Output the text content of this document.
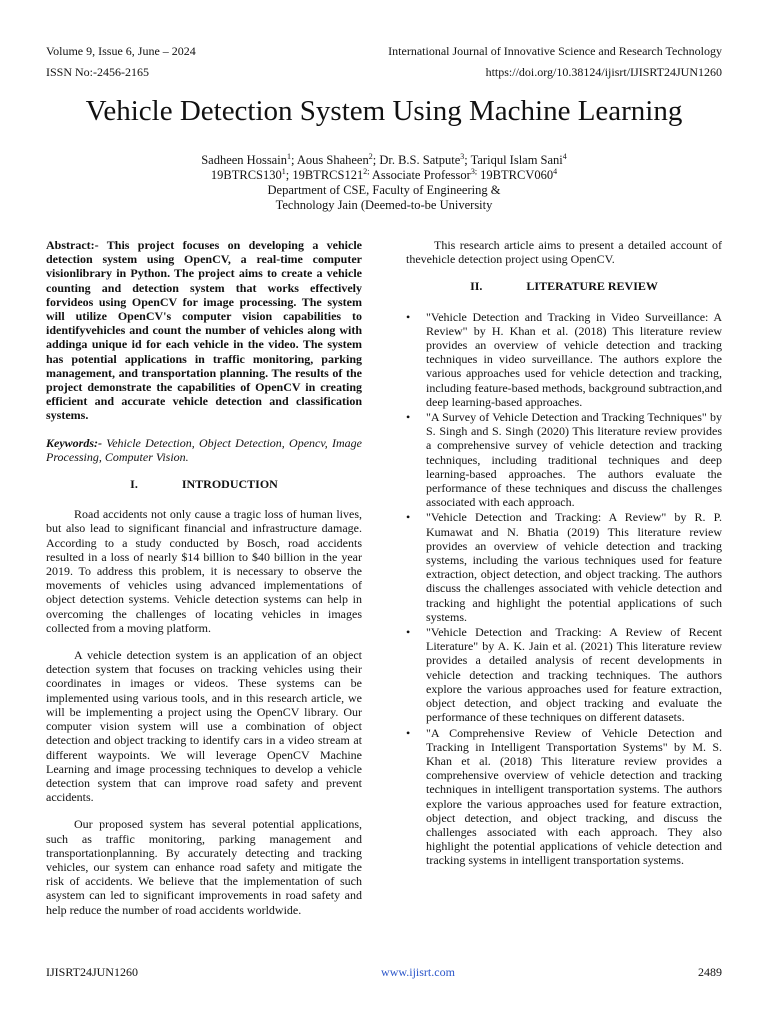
Volume 9, Issue 6, June – 2024	International Journal of Innovative Science and Research Technology
ISSN No:-2456-2165	https://doi.org/10.38124/ijisrt/IJISRT24JUN1260
Vehicle Detection System Using Machine Learning
Sadheen Hossain$^1$; Aous Shaheen$^2$; Dr. B.S. Satpute$^3$; Tariqul Islam Sani$^4$
$19BTRCS130^1$; $19BTRCS121^{2;}$ Associate Professor$^{3;}$ $19BTRCV060^4$
Department of CSE, Faculty of Engineering &
Technology Jain (Deemed-to-be University

Abstract:- This project focuses on developing a vehicle detection system using OpenCV, a real-time computer visionlibrary in Python. The project aims to create a vehicle counting and detection system that works effectively forvideos using OpenCV for image processing. The system will utilize OpenCV's computer vision capabilities to identifyvehicles and count the number of vehicles along with addinga unique id for each vehicle in the video. The system has potential applications in traffic monitoring, parking management, and transportation planning. The results of the project demonstrate the capabilities of OpenCV in creating efficient and accurate vehicle detection and classification systems.

Keywords:- Vehicle Detection, Object Detection, Opencv, Image Processing, Computer Vision.

I.	INTRODUCTION

Road accidents not only cause a tragic loss of human lives, but also lead to significant financial and infrastructure damage. According to a study conducted by Bosch, road accidents resulted in a loss of nearly $14 billion to $40 billion in the year 2019. To address this problem, it is necessary to observe the movements of vehicles using advanced implementations of object detection systems. Vehicle detection systems can help in overcoming the challenges of locating vehicles in images collected from a moving platform.

A vehicle detection system is an application of an object detection system that focuses on tracking vehicles using their coordinates in images or videos. These systems can be implemented using various tools, and in this research article, we will be implementing a project using the OpenCV library. Our computer vision system will use a combination of object detection and object tracking to identify cars in a video stream at different waypoints. We will leverage OpenCV Machine Learning and image processing techniques to develop a vehicle detection system that can improve road safety and prevent accidents.

Our proposed system has several potential applications, such as traffic monitoring, parking management and transportationplanning. By accurately detecting and tracking vehicles, our system can enhance road safety and mitigate the risk of accidents. We believe that the implementation of such asystem can led to significant improvements in road safety and help reduce the number of road accidents worldwide.

This research article aims to present a detailed account of thevehicle detection project using OpenCV.

II.	LITERATURE REVIEW
• "Vehicle Detection and Tracking in Video Surveillance: A Review" by H. Khan et al. (2018) This literature review provides an overview of vehicle detection and tracking techniques in video surveillance. The authors explore the various approaches used for vehicle detection and tracking, including feature-based methods, background subtraction,and deep learning-based approaches.
• "A Survey of Vehicle Detection and Tracking Techniques" by S. Singh and S. Singh (2020) This literature review provides a comprehensive survey of vehicle detection and tracking techniques, including traditional techniques and deep learning-based approaches. The authors evaluate the performance of these techniques and discuss the challenges associated with each approach.
• "Vehicle Detection and Tracking: A Review" by R. P. Kumawat and N. Bhatia (2019) This literature review provides an overview of vehicle detection and tracking systems, including the various techniques used for feature extraction, object detection, and object tracking. The authors discuss the challenges associated with vehicle detection and tracking and highlight the potential applications of such systems.
• "Vehicle Detection and Tracking: A Review of Recent Literature" by A. K. Jain et al. (2021) This literature review provides a detailed analysis of recent developments in vehicle detection and tracking techniques. The authors explore the various approaches used for feature extraction, object detection, and object tracking and evaluate the performance of these techniques on different datasets.
• "A Comprehensive Review of Vehicle Detection and Tracking in Intelligent Transportation Systems" by M. S. Khan et al. (2018) This literature review provides a comprehensive overview of vehicle detection and tracking techniques in intelligent transportation systems. The authors explore the various approaches used for feature extraction, object detection, and object tracking, and discuss the challenges associated with each approach. They also highlight the potential applications of vehicle detection and tracking systems in intelligent transportation systems.
IJISRT24JUN1260	www.ijisrt.com	2489
